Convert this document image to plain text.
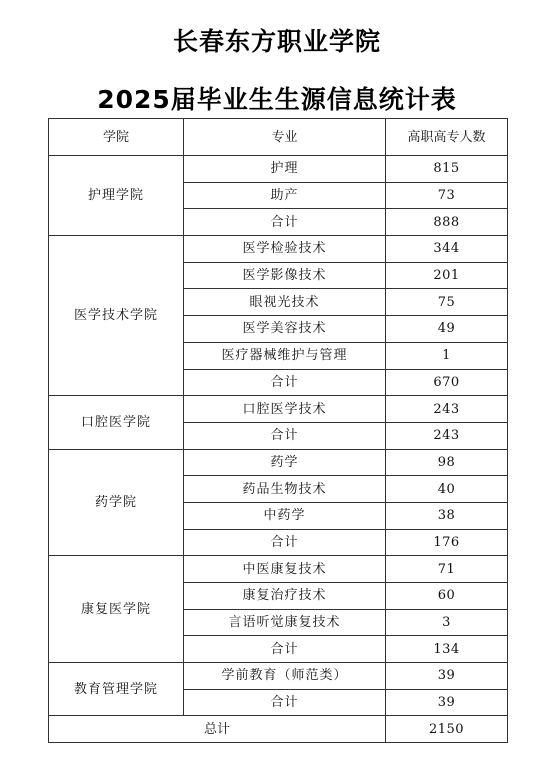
长春东方职业学院
2025届毕业生生源信息统计表
学院	专业	高职高专人数
护理学院	护理	815
	助产	73
	合计	888
医学技术学院	医学检验技术	344
	医学影像技术	201
	眼视光技术	75
	医学美容技术	49
	医疗器械维护与管理	1
	合计	670
口腔医学院	口腔医学技术	243
	合计	243
药学院	药学	98
	药品生物技术	40
	中药学	38
	合计	176
康复医学院	中医康复技术	71
	康复治疗技术	60
	言语听觉康复技术	3
	合计	134
教育管理学院	学前教育（师范类）	39
	合计	39
总计		2150
